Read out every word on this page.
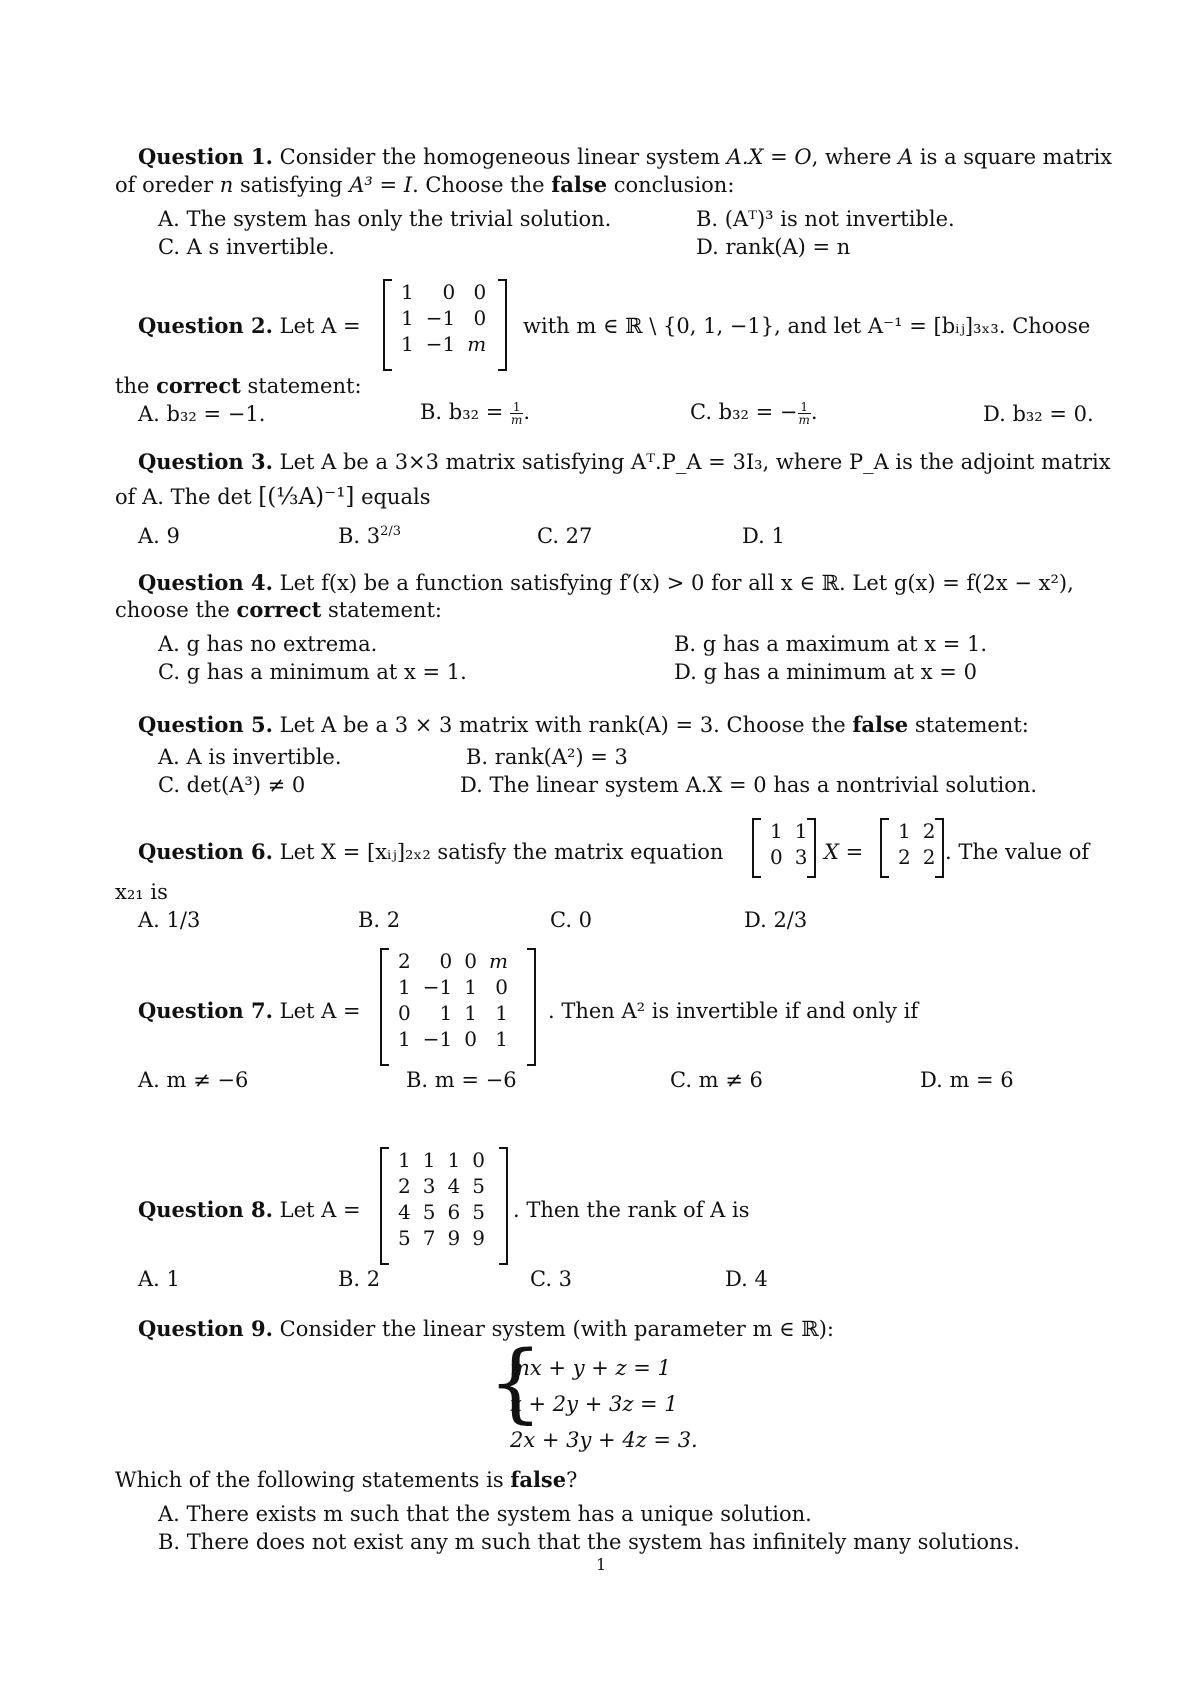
Question 1. Consider the homogeneous linear system A.X = O, where A is a square matrix
of oreder n satisfying A³ = I. Choose the false conclusion:
A. The system has only the trivial solution.	B. (Aᵀ)³ is not invertible.
C. A s invertible.	D. rank(A) = n
Question 2. Let A =
1	0	0
1	−1	0
1	−1	m
with m ∈ ℝ \ {0, 1, −1}, and let A⁻¹ = [bᵢⱼ]₃ₓ₃. Choose
the correct statement:
A. b₃₂ = −1.	B. $b_{32} = \frac{1}{m}$ .	C. b₃₂ = − $\frac{1}{m}$ .	D. b₃₂ = 0.
Question 3. Let A be a 3×3 matrix satisfying Aᵀ.P_A = 3I₃, where P_A is the adjoint matrix
of A. The det [(⅓A)⁻¹] equals
A. 9	B. $3^{2/3}$	C. 27	D. 1
Question 4. Let f(x) be a function satisfying f′(x) > 0 for all x ∈ ℝ. Let g(x) = f(2x − x²),
choose the correct statement:
A. g has no extrema.	B. g has a maximum at x = 1.
C. g has a minimum at x = 1.	D. g has a minimum at x = 0
Question 5. Let A be a 3 × 3 matrix with rank(A) = 3. Choose the false statement:
A. A is invertible.	B. rank(A²) = 3
C. det(A³) ≠ 0	D. The linear system A.X = 0 has a nontrivial solution.
Question 6. Let X = [xᵢⱼ]₂ₓ₂ satisfy the matrix equation
1	1
0	3 X =
1	2
2	2 . The value of
x₂₁ is
A. 1/3	B. 2	C. 0	D. 2/3
Question 7. Let A =
2	0	0	m
1	−1	1	0
0	1	1	1
1	−1	0	1
. Then A² is invertible if and only if
A. m ≠ −6	B. m = −6	C. m ≠ 6	D. m = 6
Question 8. Let A =
1	1	1	0
2	3	4	5
4	5	6	5
5	7	9	9
. Then the rank of A is
A. 1	B. 2	C. 3	D. 4
Question 9. Consider the linear system (with parameter m ∈ ℝ):
{
mx + y + z = 1
x + 2y + 3z = 1
2x + 3y + 4z = 3.
Which of the following statements is false?
A. There exists m such that the system has a unique solution.
B. There does not exist any m such that the system has infinitely many solutions.
1
